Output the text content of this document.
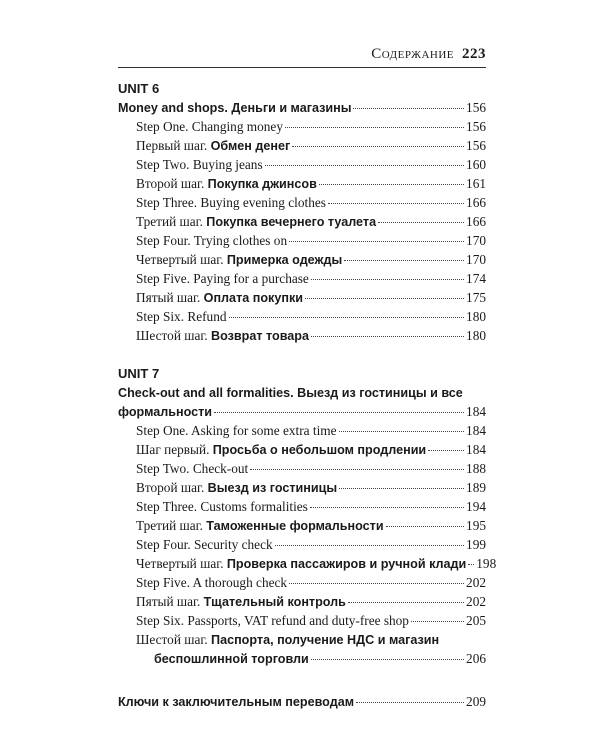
Содержание 223
UNIT 6
Money and shops. Деньги и магазины	156
Step One. Changing money	156
Первый шаг. Обмен денег	156
Step Two. Buying jeans	160
Второй шаг. Покупка джинсов	161
Step Three. Buying evening clothes	166
Третий шаг. Покупка вечернего туалета	166
Step Four. Trying clothes on	170
Четвертый шаг. Примерка одежды	170
Step Five. Paying for a purchase	174
Пятый шаг. Оплата покупки	175
Step Six. Refund	180
Шестой шаг. Возврат товара	180
UNIT 7
Check-out and all formalities. Выезд из гостиницы и все
формальности	184
Step One. Asking for some extra time	184
Шаг первый. Просьба о небольшом продлении	184
Step Two. Check-out	188
Второй шаг. Выезд из гостиницы	189
Step Three. Customs formalities	194
Третий шаг. Таможенные формальности	195
Step Four. Security check	199
Четвертый шаг. Проверка пассажиров и ручной клади 198
Step Five. A thorough check	202
Пятый шаг. Тщательный контроль	202
Step Six. Passports, VAT refund and duty-free shop	205
Шестой шаг. Паспорта, получение НДС и магазин
беспошлинной торговли	206
Ключи к заключительным переводам	209
